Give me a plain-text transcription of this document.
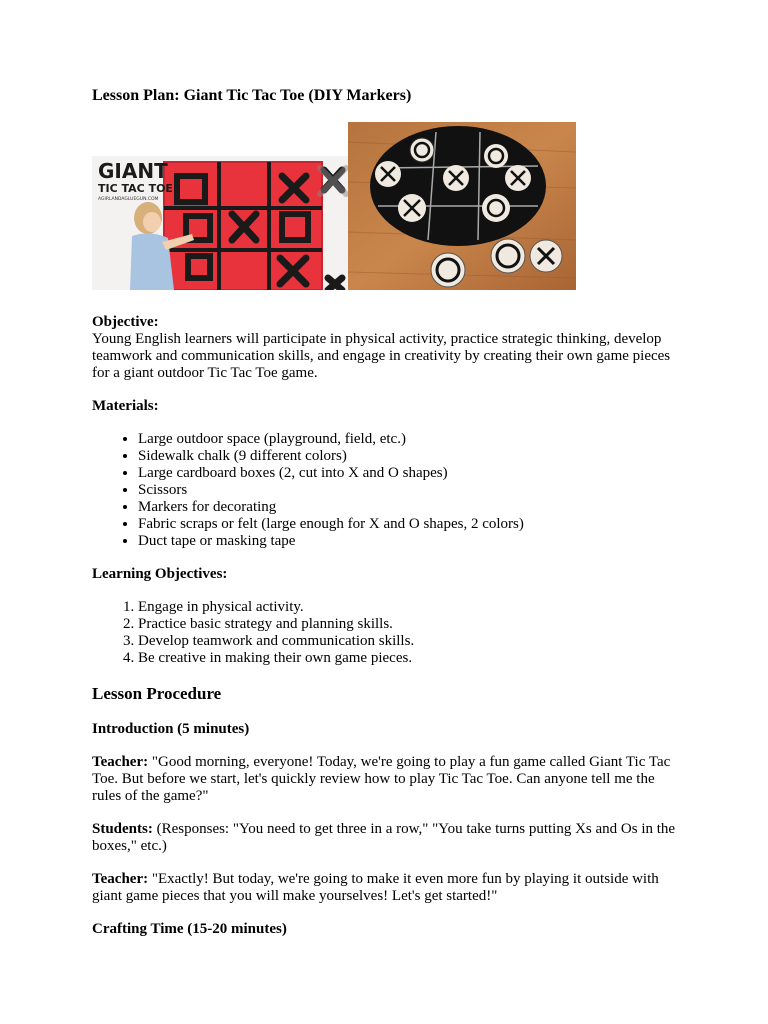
Lesson Plan: Giant Tic Tac Toe (DIY Markers)
GIANT
TIC TAC TOE
AGIRLANDAGLUEGUN.COM
Objective:

Young English learners will participate in physical activity, practice strategic thinking, develop teamwork and communication skills, and engage in creativity by creating their own game pieces for a giant outdoor Tic Tac Toe game.

Materials:
• Large outdoor space (playground, field, etc.)
• Sidewalk chalk (9 different colors)
• Large cardboard boxes (2, cut into X and O shapes)
• Scissors
• Markers for decorating
• Fabric scraps or felt (large enough for X and O shapes, 2 colors)
• Duct tape or masking tape
Learning Objectives:
1. Engage in physical activity.
2. Practice basic strategy and planning skills.
3. Develop teamwork and communication skills.
4. Be creative in making their own game pieces.
Lesson Procedure
Introduction (5 minutes)

Teacher: "Good morning, everyone! Today, we're going to play a fun game called Giant Tic Tac Toe. But before we start, let's quickly review how to play Tic Tac Toe. Can anyone tell me the rules of the game?"

Students: (Responses: "You need to get three in a row," "You take turns putting Xs and Os in the boxes," etc.)

Teacher: "Exactly! But today, we're going to make it even more fun by playing it outside with giant game pieces that you will make yourselves! Let's get started!"

Crafting Time (15-20 minutes)
